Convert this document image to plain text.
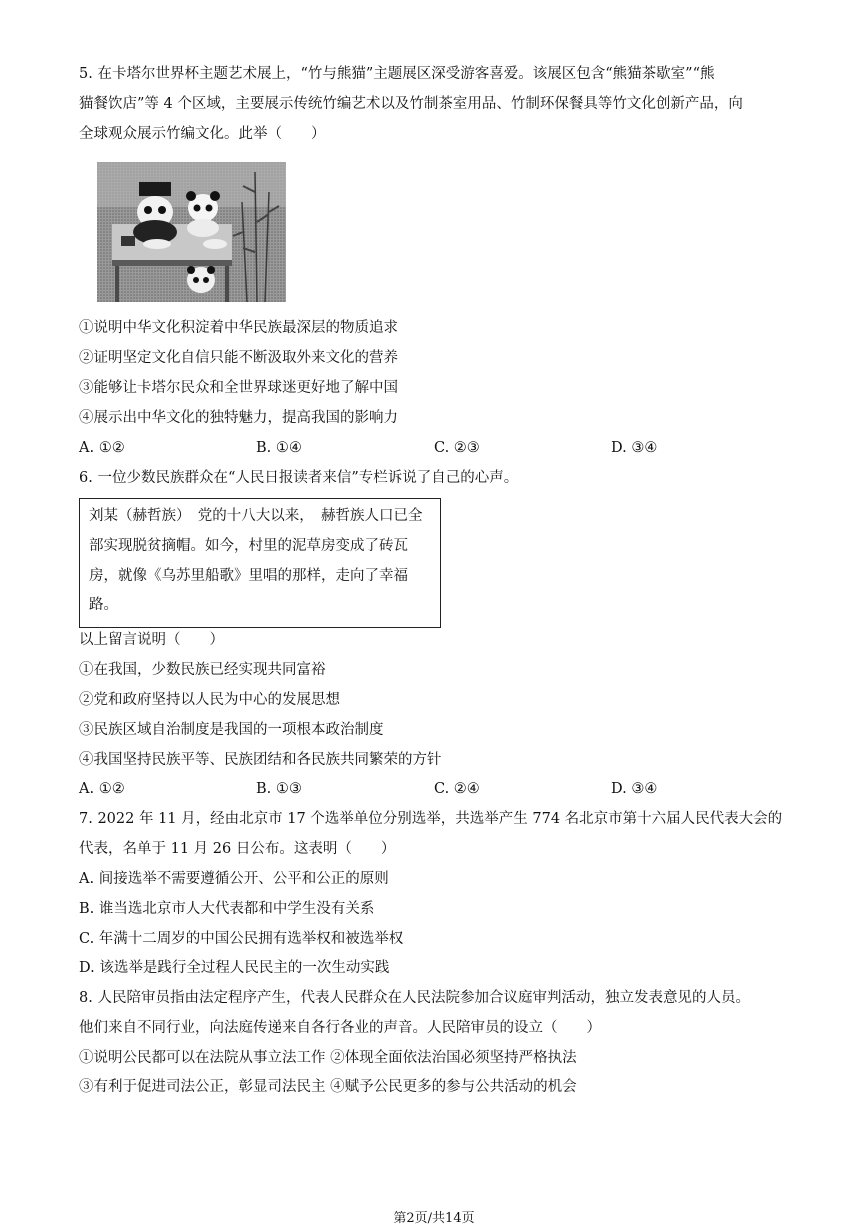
5. 在卡塔尔世界杯主题艺术展上，“竹与熊猫”主题展区深受游客喜爱。该展区包含“熊猫茶歇室”“熊
猫餐饮店”等 4 个区域，主要展示传统竹编艺术以及竹制茶室用品、竹制环保餐具等竹文化创新产品，向
全球观众展示竹编文化。此举（　　）
①说明中华文化积淀着中华民族最深层的物质追求
②证明坚定文化自信只能不断汲取外来文化的营养
③能够让卡塔尔民众和全世界球迷更好地了解中国
④展示出中华文化的独特魅力，提高我国的影响力
A. ①②	B. ①④	C. ②③	D. ③④
6. 一位少数民族群众在“人民日报读者来信”专栏诉说了自己的心声。
刘某（赫哲族）　党的十八大以来，　赫哲族人口已全
部实现脱贫摘帽。如今，村里的泥草房变成了砖瓦
房，就像《乌苏里船歌》里唱的那样，走向了幸福
路。
以上留言说明（　　）
①在我国，少数民族已经实现共同富裕
②党和政府坚持以人民为中心的发展思想
③民族区域自治制度是我国的一项根本政治制度
④我国坚持民族平等、民族团结和各民族共同繁荣的方针
A. ①②	B. ①③	C. ②④	D. ③④
7. 2022 年 11 月，经由北京市 17 个选举单位分别选举，共选举产生 774 名北京市第十六届人民代表大会的
代表，名单于 11 月 26 日公布。这表明（　　）
A. 间接选举不需要遵循公开、公平和公正的原则
B. 谁当选北京市人大代表都和中学生没有关系
C. 年满十二周岁的中国公民拥有选举权和被选举权
D. 该选举是践行全过程人民民主的一次生动实践
8. 人民陪审员指由法定程序产生，代表人民群众在人民法院参加合议庭审判活动，独立发表意见的人员。
他们来自不同行业，向法庭传递来自各行各业的声音。人民陪审员的设立（　　）
①说明公民都可以在法院从事立法工作 ②体现全面依法治国必须坚持严格执法
③有利于促进司法公正，彰显司法民主 ④赋予公民更多的参与公共活动的机会
第2页/共14页
